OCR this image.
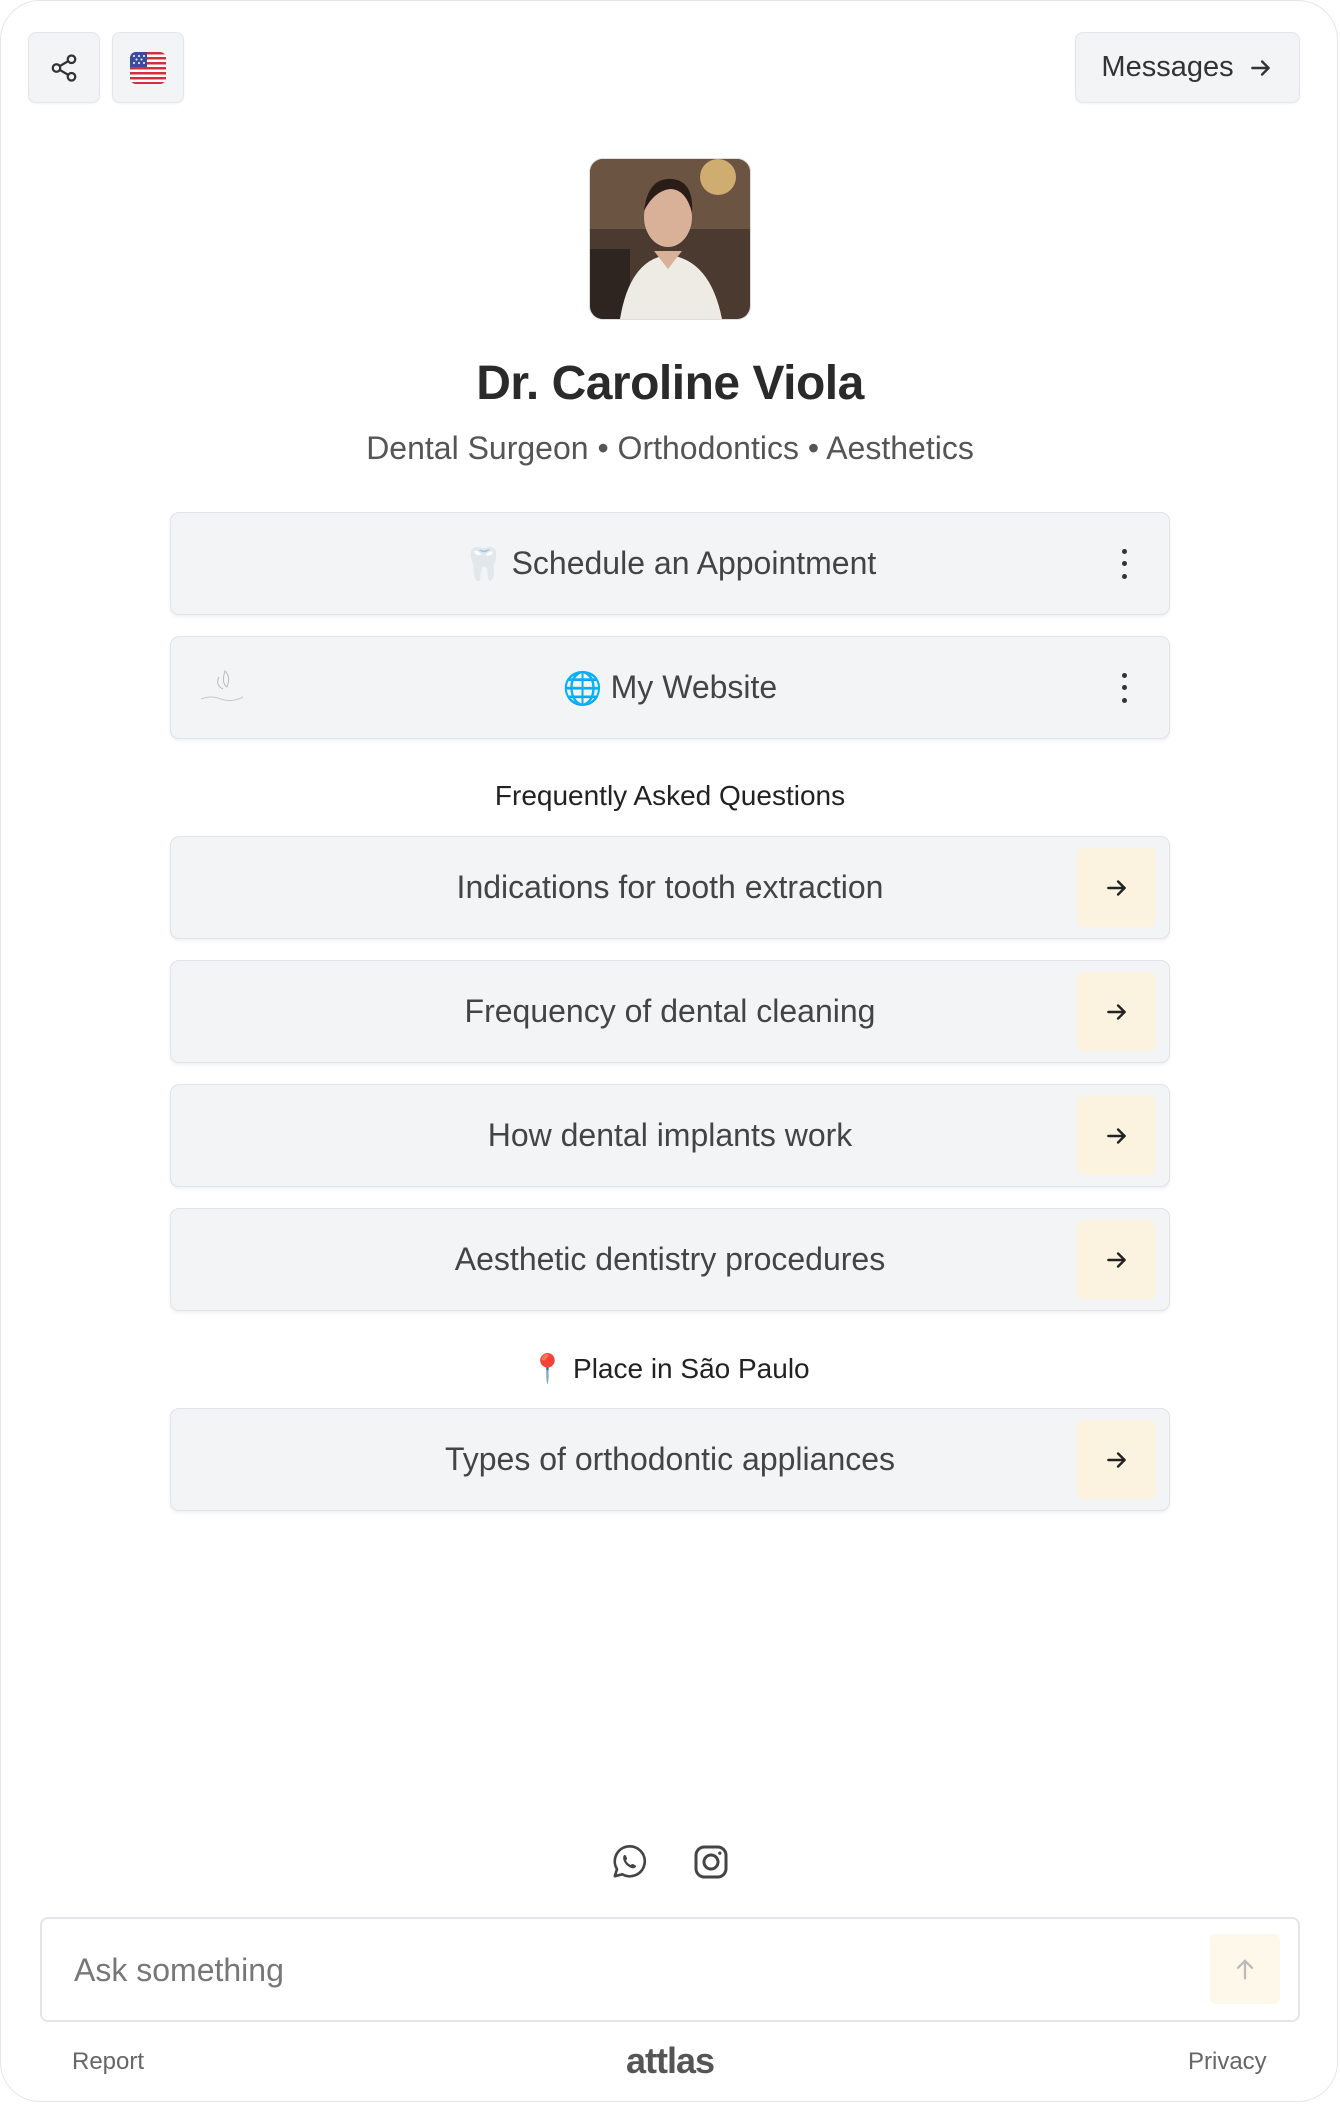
Messages
Dr. Caroline Viola
Dental Surgeon • Orthodontics • Aesthetics
🦷 Schedule an Appointment
🌐 My Website
Frequently Asked Questions
Indications for tooth extraction
Frequency of dental cleaning
How dental implants work
Aesthetic dentistry procedures
📍 Place in São Paulo
Types of orthodontic appliances
Ask something
Report	attlas	Privacy
